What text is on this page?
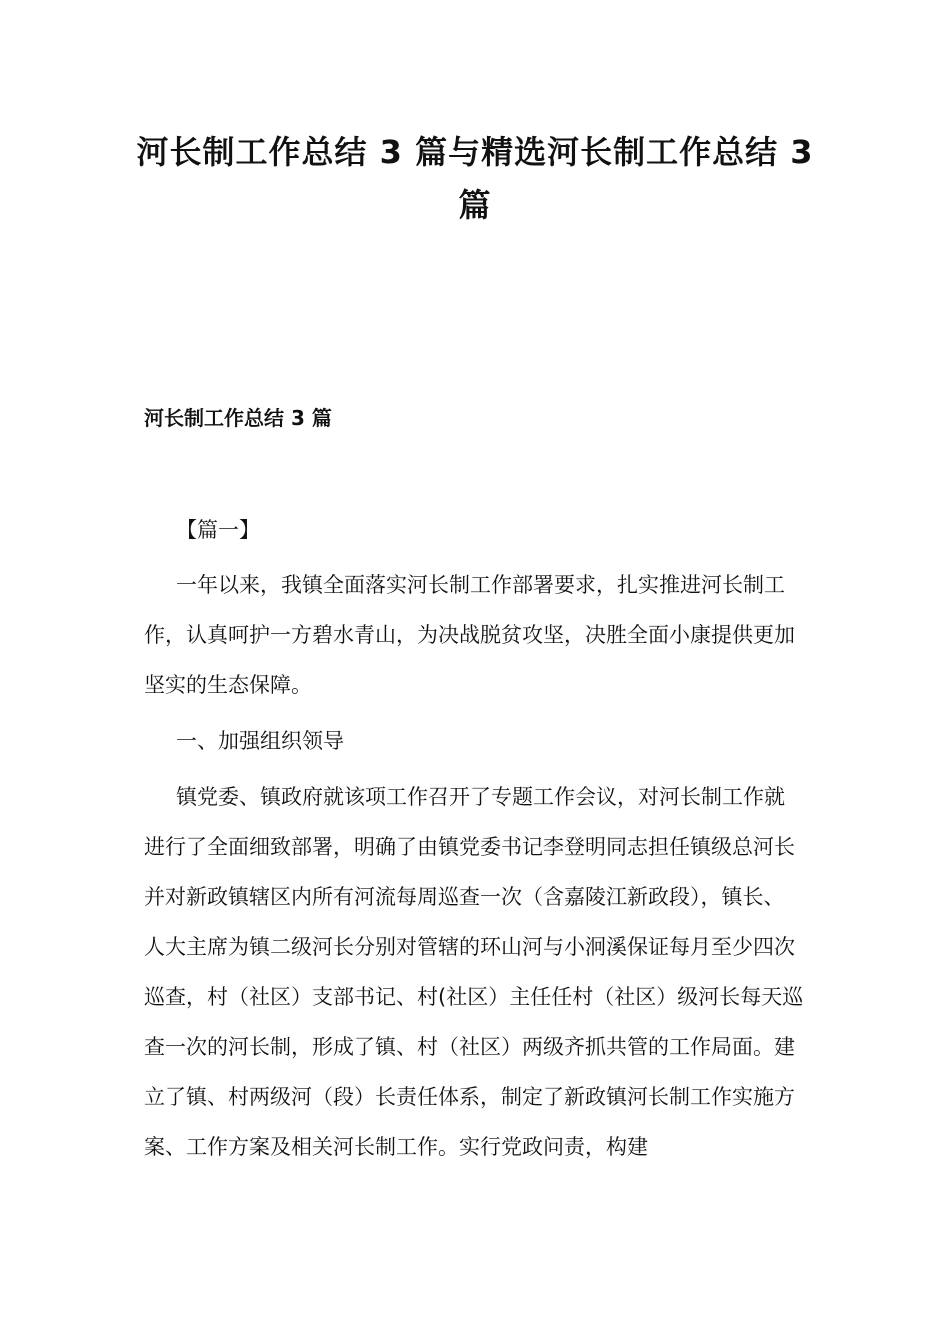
河长制工作总结 3 篇与精选河长制工作总结 3 篇
河长制工作总结 3 篇

【篇一】

一年以来，我镇全面落实河长制工作部署要求，扎实推进河长制工作，认真呵护一方碧水青山，为决战脱贫攻坚，决胜全面小康提供更加坚实的生态保障。

一、加强组织领导

镇党委、镇政府就该项工作召开了专题工作会议，对河长制工作就进行了全面细致部署，明确了由镇党委书记李登明同志担任镇级总河长并对新政镇辖区内所有河流每周巡查一次（含嘉陵江新政段），镇长、人大主席为镇二级河长分别对管辖的环山河与小泂溪保证每月至少四次巡查，村（社区）支部书记、村(社区）主任任村（社区）级河长每天巡查一次的河长制，形成了镇、村（社区）两级齐抓共管的工作局面。建立了镇、村两级河（段）长责任体系，制定了新政镇河长制工作实施方案、工作方案及相关河长制工作。实行党政问责，构建
